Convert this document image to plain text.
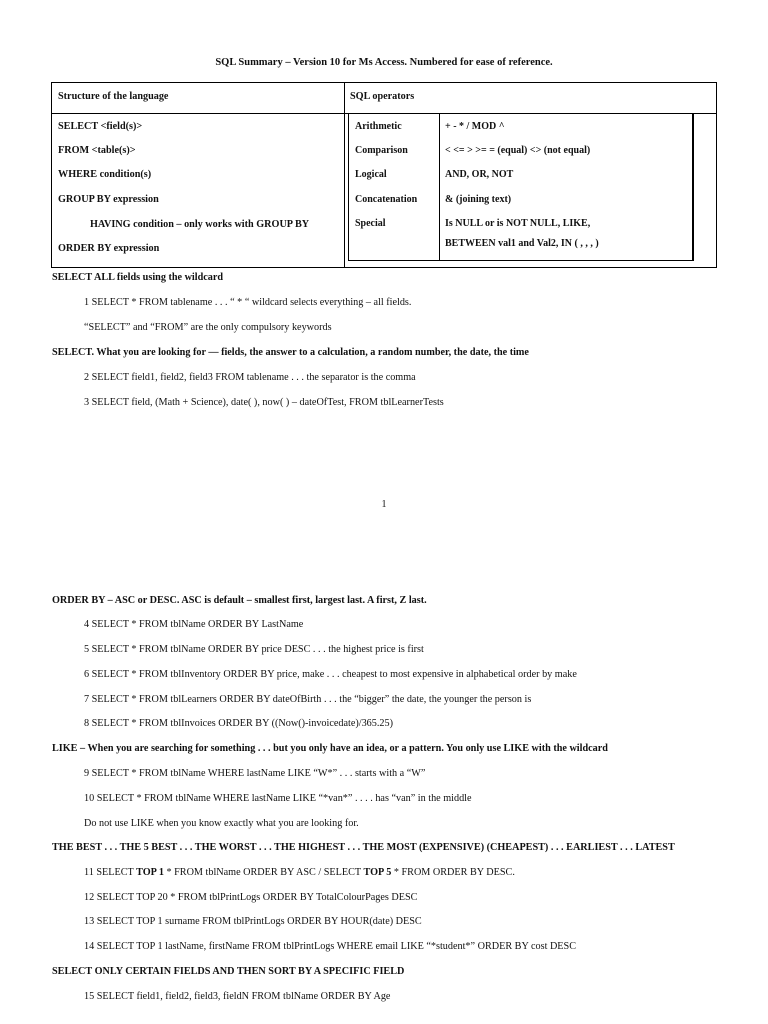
SQL Summary – Version 10 for Ms Access. Numbered for ease of reference.
Structure of the language	SQL operators
SELECT <field(s)>
FROM <table(s)>
WHERE condition(s)
GROUP BY expression
HAVING condition – only works with GROUP BY
ORDER BY expression
Arithmetic	+ - * / MOD ^
Comparison	< <= > >= = (equal) <> (not equal)
Logical	AND, OR, NOT
Concatenation	& (joining text)
Special	Is NULL or is NOT NULL, LIKE,
BETWEEN val1 and Val2, IN ( , , , )
SELECT ALL fields using the wildcard
1 SELECT * FROM tablename . . . “ * “ wildcard selects everything – all fields.
“SELECT” and “FROM” are the only compulsory keywords
SELECT. What you are looking for — fields, the answer to a calculation, a random number, the date, the time
2 SELECT field1, field2, field3 FROM tablename . . . the separator is the comma
3 SELECT field, (Math + Science), date( ), now( ) – dateOfTest, FROM tblLearnerTests
1
ORDER BY – ASC or DESC. ASC is default – smallest first, largest last. A first, Z last.
4 SELECT * FROM tblName ORDER BY LastName
5 SELECT * FROM tblName ORDER BY price DESC . . . the highest price is first
6 SELECT * FROM tblInventory ORDER BY price, make . . . cheapest to most expensive in alphabetical order by make
7 SELECT * FROM tblLearners ORDER BY dateOfBirth . . . the “bigger” the date, the younger the person is
8 SELECT * FROM tblInvoices ORDER BY ((Now()-invoicedate)/365.25)
LIKE – When you are searching for something . . . but you only have an idea, or a pattern. You only use LIKE with the wildcard
9 SELECT * FROM tblName WHERE lastName LIKE “W*” . . . starts with a “W”
10 SELECT * FROM tblName WHERE lastName LIKE “*van*” . . . . has “van” in the middle
Do not use LIKE when you know exactly what you are looking for.
THE BEST . . . THE 5 BEST . . . THE WORST . . . THE HIGHEST . . . THE MOST (EXPENSIVE) (CHEAPEST) . . . EARLIEST . . . LATEST
11 SELECT TOP 1 * FROM tblName ORDER BY ASC / SELECT TOP 5 * FROM ORDER BY DESC.
12 SELECT TOP 20 * FROM tblPrintLogs ORDER BY TotalColourPages DESC
13 SELECT TOP 1 surname FROM tblPrintLogs ORDER BY HOUR(date) DESC
14 SELECT TOP 1 lastName, firstName FROM tblPrintLogs WHERE email LIKE “*student*” ORDER BY cost DESC
SELECT ONLY CERTAIN FIELDS AND THEN SORT BY A SPECIFIC FIELD
15 SELECT field1, field2, field3, fieldN FROM tblName ORDER BY Age
